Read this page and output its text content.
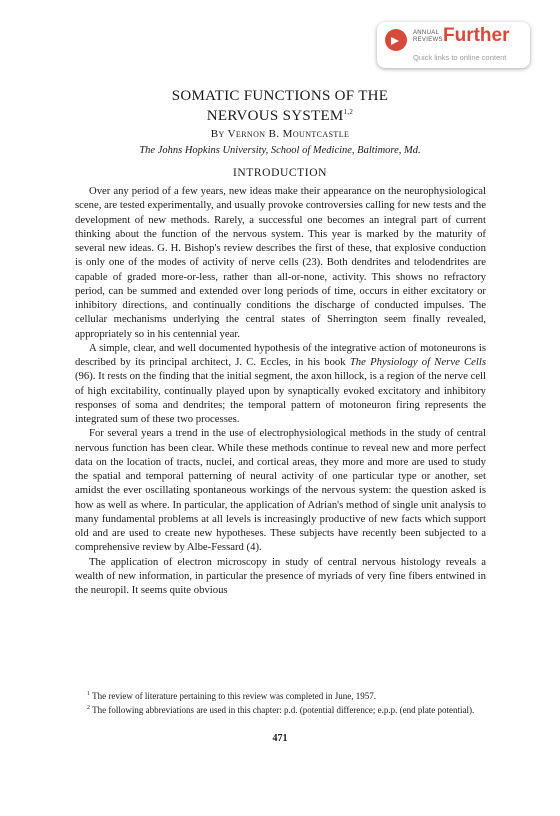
ANNUAL
REVIEWS Further
Quick links to online content
SOMATIC FUNCTIONS OF THE
NERVOUS SYSTEM$^{1,2}$
By Vernon B. Mountcastle
The Johns Hopkins University, School of Medicine, Baltimore, Md.
INTRODUCTION

Over any period of a few years, new ideas make their appearance on the neurophysiological scene, are tested experimentally, and usually provoke controversies calling for new tests and the development of new methods. Rarely, a successful one becomes an integral part of current thinking about the function of the nervous system. This year is marked by the maturity of several new ideas. G. H. Bishop's review describes the first of these, that explosive conduction is only one of the modes of activity of nerve cells (23). Both dendrites and telodendrites are capable of graded more-or-less, rather than all-or-none, activity. This shows no refractory period, can be summed and extended over long periods of time, occurs in either excitatory or inhibitory directions, and continually conditions the discharge of conducted impulses. The cellular mechanisms underlying the central states of Sherrington seem finally revealed, appropriately so in his centennial year.

A simple, clear, and well documented hypothesis of the integrative action of motoneurons is described by its principal architect, J. C. Eccles, in his book The Physiology of Nerve Cells (96). It rests on the finding that the initial segment, the axon hillock, is a region of the nerve cell of high excitability, continually played upon by synaptically evoked excitatory and inhibitory responses of soma and dendrites; the temporal pattern of motoneuron firing represents the integrated sum of these two processes.

For several years a trend in the use of electrophysiological methods in the study of central nervous function has been clear. While these methods continue to reveal new and more perfect data on the location of tracts, nuclei, and cortical areas, they more and more are used to study the spatial and temporal patterning of neural activity of one particular type or another, set amidst the ever oscillating spontaneous workings of the nervous system: the question asked is how as well as where. In particular, the application of Adrian's method of single unit analysis to many fundamental problems at all levels is increasingly productive of new facts which support old and are used to create new hypotheses. These subjects have recently been subjected to a comprehensive review by Albe-Fessard (4).

The application of electron microscopy in study of central nervous histology reveals a wealth of new information, in particular the presence of myriads of very fine fibers entwined in the neuropil. It seems quite obvious

$^1$ The review of literature pertaining to this review was completed in June, 1957.

$^2$ The following abbreviations are used in this chapter: p.d. (potential difference; e.p.p. (end plate potential).

471
